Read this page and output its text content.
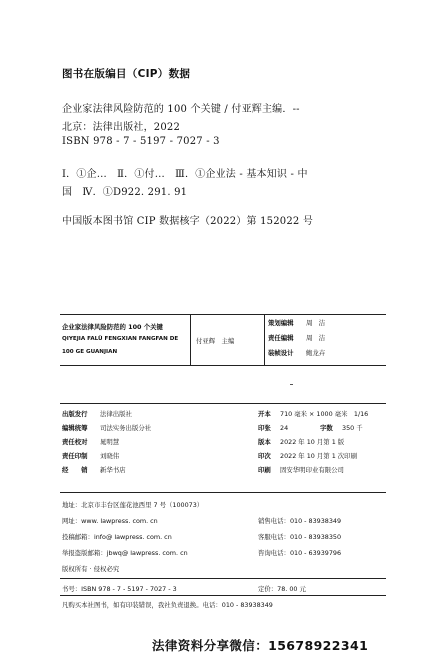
图书在版编目（CIP）数据
企业家法律风险防范的 100 个关键 / 付亚辉主编．--
北京：法律出版社，2022
ISBN 978 - 7 - 5197 - 7027 - 3
Ⅰ．①企…　Ⅱ．①付…　Ⅲ．①企业法 - 基本知识 - 中
国　Ⅳ．①D922. 291. 91
中国版本图书馆 CIP 数据核字（2022）第 152022 号
企业家法律风险防范的 100 个关键
QIYEJIA FALÜ FENGXIAN FANGFAN DE
100 GE GUANJIAN
付亚辉　主编
策划编辑 周　洁
责任编辑 周　洁
装帧设计 鲍龙卉
出版发行 法律出版社
编辑统筹 司法实务出版分社
责任校对 晁明慧
责任印制 刘晓伟
经　　销 新华书店
开本 710 毫米 × 1000 毫米　1/16
印张 24	字数 350 千
版本 2022 年 10 月第 1 版
印次 2022 年 10 月第 1 次印刷
印刷 固安华明印业有限公司
地址：北京市丰台区莲花池西里 7 号（100073）
网址：www. lawpress. com. cn
投稿邮箱：info@ lawpress. com. cn
举报盗版邮箱：jbwq@ lawpress. com. cn
版权所有 · 侵权必究
销售电话：010 - 83938349
客服电话：010 - 83938350
咨询电话：010 - 63939796
书号：ISBN 978 - 7 - 5197 - 7027 - 3	定价：78. 00 元
凡购买本社图书，如有印装错误，我社负责退换。电话：010 - 83938349
法律资料分享微信：15678922341
